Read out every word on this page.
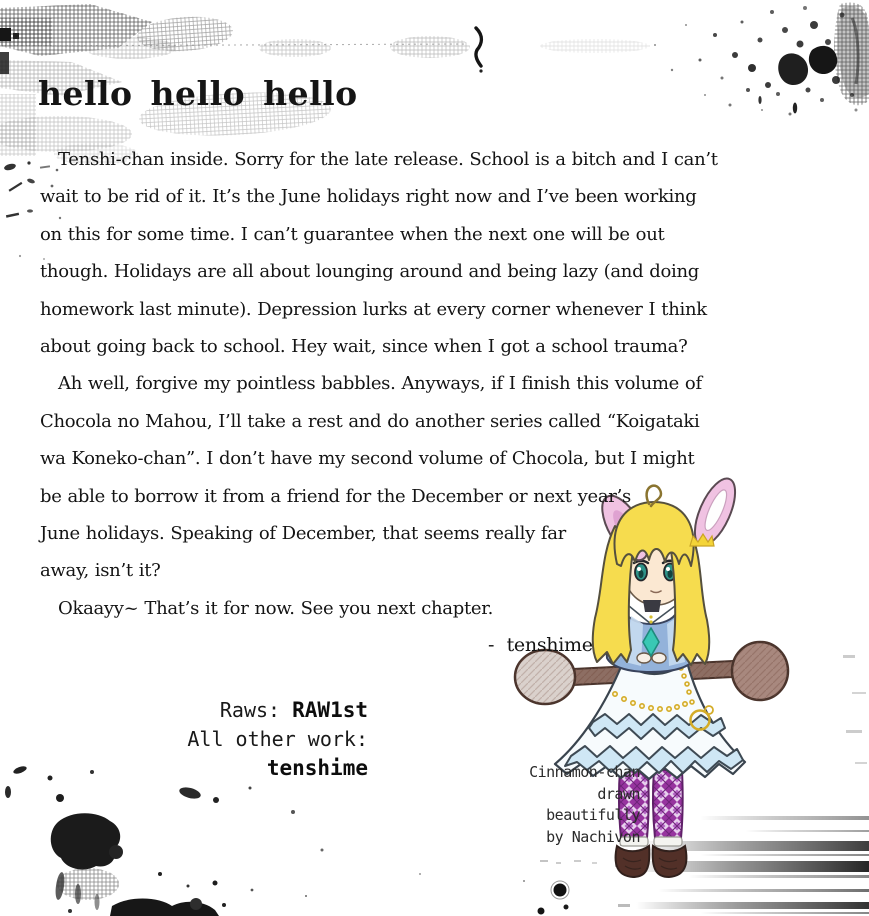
hello hello hello
Tenshi-chan inside. Sorry for the late release. School is a bitch and I can’t
wait to be rid of it. It’s the June holidays right now and I’ve been working
on this for some time. I can’t guarantee when the next one will be out
though. Holidays are all about lounging around and being lazy (and doing
homework last minute). Depression lurks at every corner whenever I think
about going back to school. Hey wait, since when I got a school trauma?
Ah well, forgive my pointless babbles. Anyways, if I finish this volume of
Chocola no Mahou, I’ll take a rest and do another series called “Koigataki
wa Koneko-chan”. I don’t have my second volume of Chocola, but I might
be able to borrow it from a friend for the December or next year’s
June holidays. Speaking of December, that seems really far
away, isn’t it?
Okaayy~ That’s it for now. See you next chapter.
-  tenshime
Raws: RAW1st
All other work: tenshime	Cinnamon-chan
drawn beautifully
by Nachivon
